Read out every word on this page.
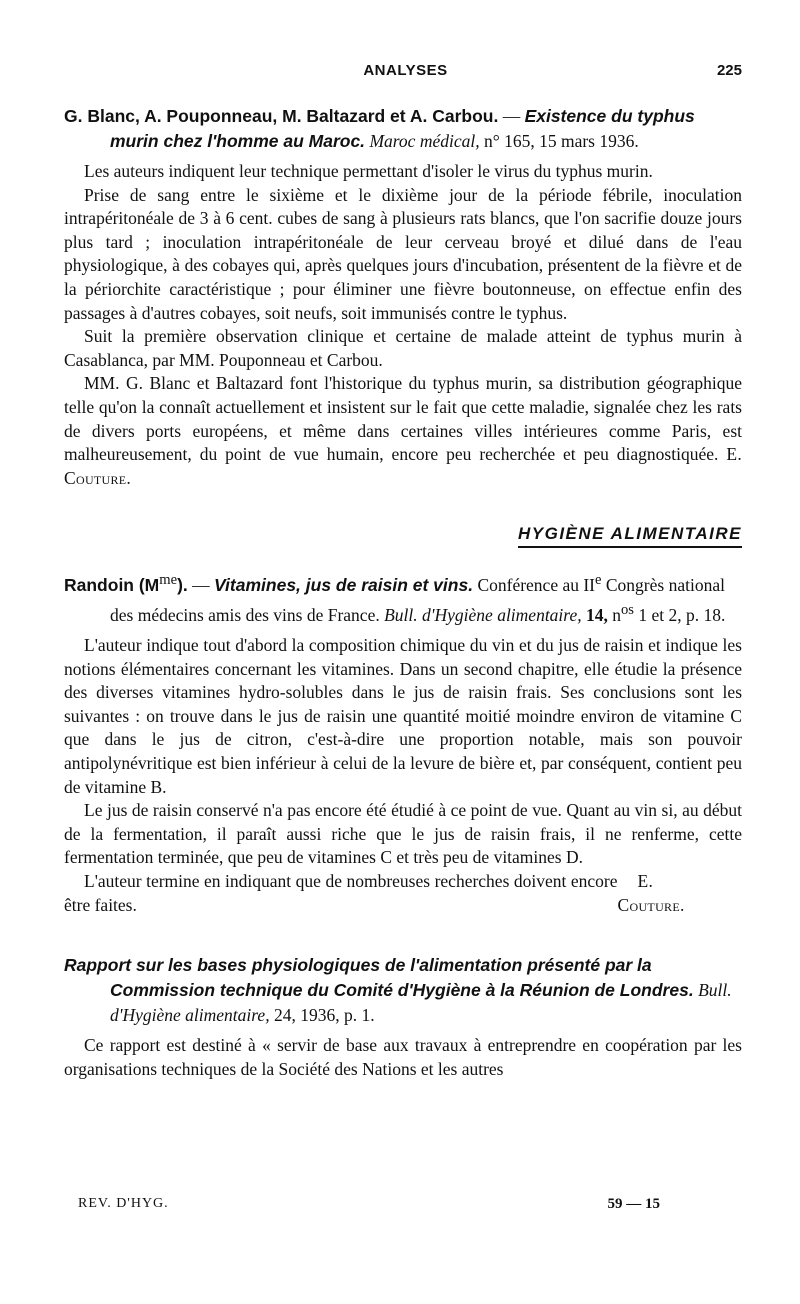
ANALYSES	225
G. Blanc, A. Pouponneau, M. Baltazard et A. Carbou. — Existence du typhus murin chez l'homme au Maroc. Maroc médical, n° 165, 15 mars 1936.

Les auteurs indiquent leur technique permettant d'isoler le virus du typhus murin.

Prise de sang entre le sixième et le dixième jour de la période fébrile, inoculation intrapéritonéale de 3 à 6 cent. cubes de sang à plusieurs rats blancs, que l'on sacrifie douze jours plus tard ; inoculation intrapéritonéale de leur cerveau broyé et dilué dans de l'eau physiologique, à des cobayes qui, après quelques jours d'incubation, présentent de la fièvre et de la périorchite caractéristique ; pour éliminer une fièvre boutonneuse, on effectue enfin des passages à d'autres cobayes, soit neufs, soit immunisés contre le typhus.

Suit la première observation clinique et certaine de malade atteint de typhus murin à Casablanca, par MM. Pouponneau et Carbou.

MM. G. Blanc et Baltazard font l'historique du typhus murin, sa distribution géographique telle qu'on la connaît actuellement et insistent sur le fait que cette maladie, signalée chez les rats de divers ports européens, et même dans certaines villes intérieures comme Paris, est malheureusement, du point de vue humain, encore peu recherchée et peu diagnostiquée. E. Couture.

HYGIÈNE ALIMENTAIRE
Randoin $(M^{me})$. — Vitamines, jus de raisin et vins. Conférence au IIe Congrès national des médecins amis des vins de France. Bull. d'Hygiène alimentaire, 14, $n^{os}$ 1 et 2, p. 18.

L'auteur indique tout d'abord la composition chimique du vin et du jus de raisin et indique les notions élémentaires concernant les vitamines. Dans un second chapitre, elle étudie la présence des diverses vitamines hydro-solubles dans le jus de raisin frais. Ses conclusions sont les suivantes : on trouve dans le jus de raisin une quantité moitié moindre environ de vitamine C que dans le jus de citron, c'est-à-dire une proportion notable, mais son pouvoir antipolynévritique est bien inférieur à celui de la levure de bière et, par conséquent, contient peu de vitamine B.

Le jus de raisin conservé n'a pas encore été étudié à ce point de vue. Quant au vin si, au début de la fermentation, il paraît aussi riche que le jus de raisin frais, il ne renferme, cette fermentation terminée, que peu de vitamines C et très peu de vitamines D.

L'auteur termine en indiquant que de nombreuses recherches doivent encore être faites.
E. Couture.

Rapport sur les bases physiologiques de l'alimentation présenté par la Commission technique du Comité d'Hygiène à la Réunion de Londres. Bull. d'Hygiène alimentaire, 24, 1936, p. 1.

Ce rapport est destiné à « servir de base aux travaux à entreprendre en coopération par les organisations techniques de la Société des Nations et les autres

REV. D'HYG.	59 — 15
